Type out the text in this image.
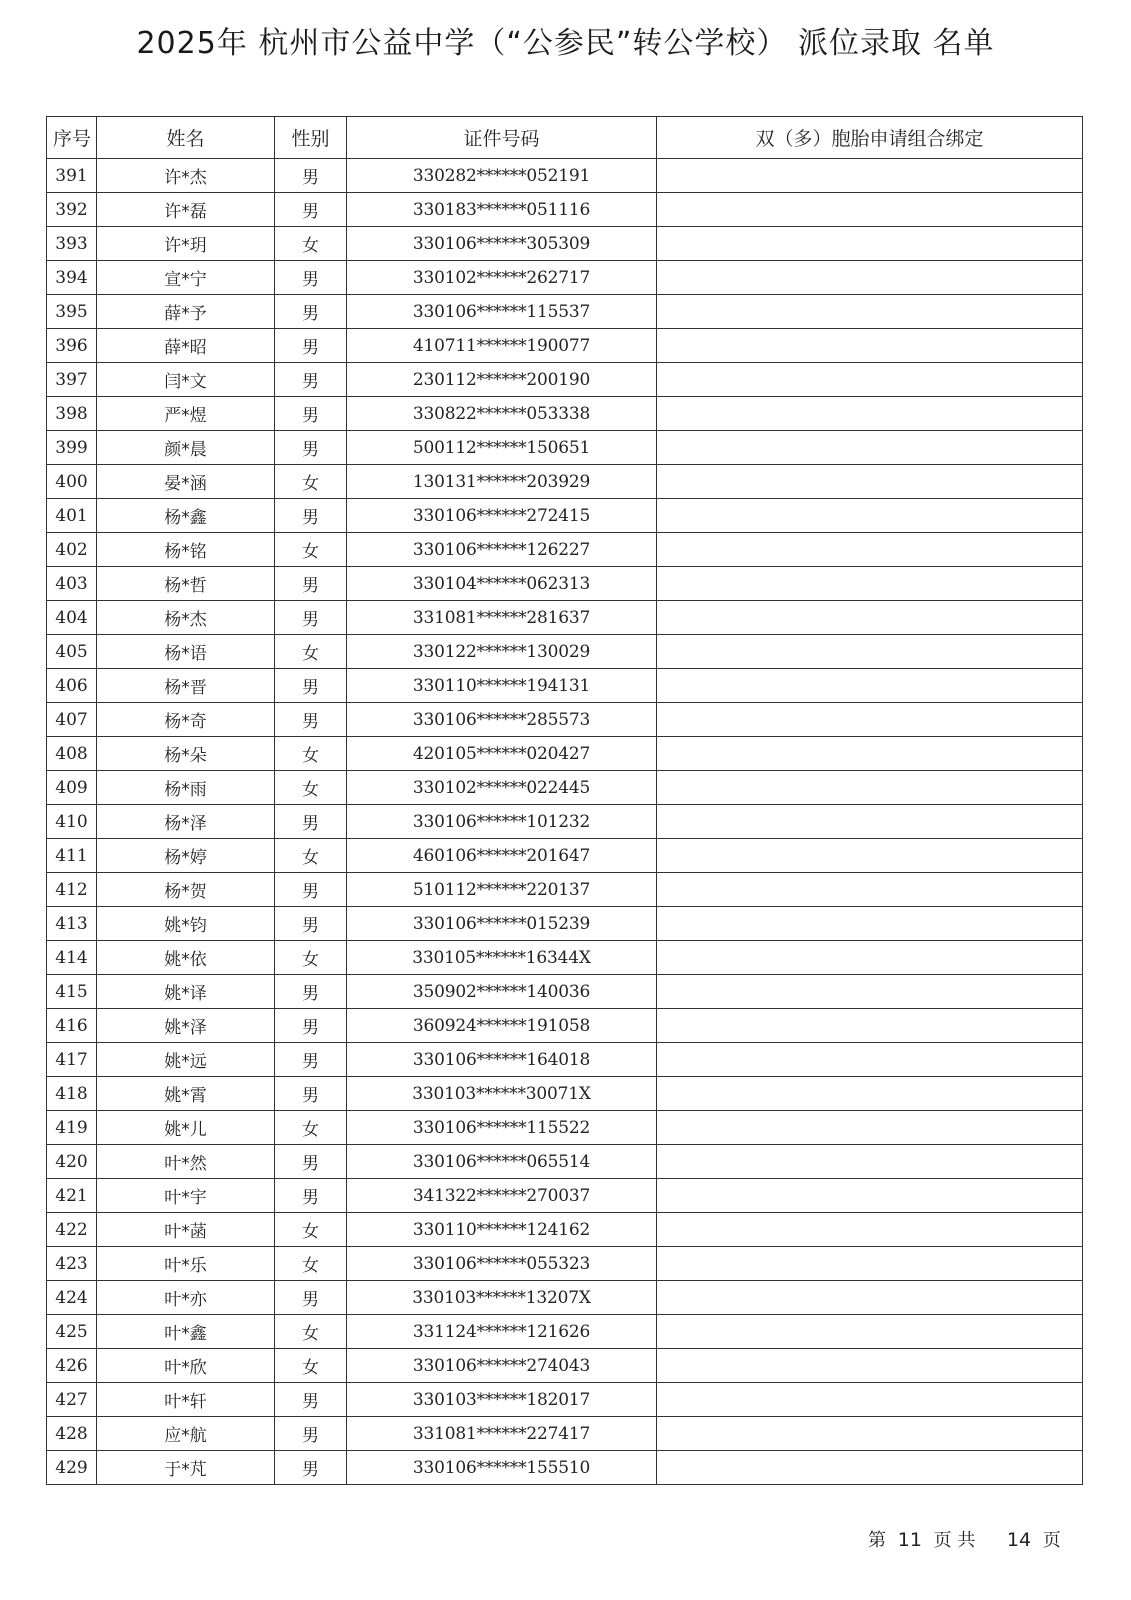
2025年 杭州市公益中学（“公参民”转公学校） 派位录取 名单
序号	姓名	性别	证件号码	双（多）胞胎申请组合绑定
391	许*杰	男	330282******052191	
392	许*磊	男	330183******051116	
393	许*玥	女	330106******305309	
394	宣*宁	男	330102******262717	
395	薛*予	男	330106******115537	
396	薛*昭	男	410711******190077	
397	闫*文	男	230112******200190	
398	严*煜	男	330822******053338	
399	颜*晨	男	500112******150651	
400	晏*涵	女	130131******203929	
401	杨*鑫	男	330106******272415	
402	杨*铭	女	330106******126227	
403	杨*哲	男	330104******062313	
404	杨*杰	男	331081******281637	
405	杨*语	女	330122******130029	
406	杨*晋	男	330110******194131	
407	杨*奇	男	330106******285573	
408	杨*朵	女	420105******020427	
409	杨*雨	女	330102******022445	
410	杨*泽	男	330106******101232	
411	杨*婷	女	460106******201647	
412	杨*贺	男	510112******220137	
413	姚*钧	男	330106******015239	
414	姚*依	女	330105******16344X	
415	姚*译	男	350902******140036	
416	姚*泽	男	360924******191058	
417	姚*远	男	330106******164018	
418	姚*霄	男	330103******30071X	
419	姚*儿	女	330106******115522	
420	叶*然	男	330106******065514	
421	叶*宇	男	341322******270037	
422	叶*菡	女	330110******124162	
423	叶*乐	女	330106******055323	
424	叶*亦	男	330103******13207X	
425	叶*鑫	女	331124******121626	
426	叶*欣	女	330106******274043	
427	叶*轩	男	330103******182017	
428	应*航	男	331081******227417	
429	于*芃	男	330106******155510	
第 11 页 共 14 页
